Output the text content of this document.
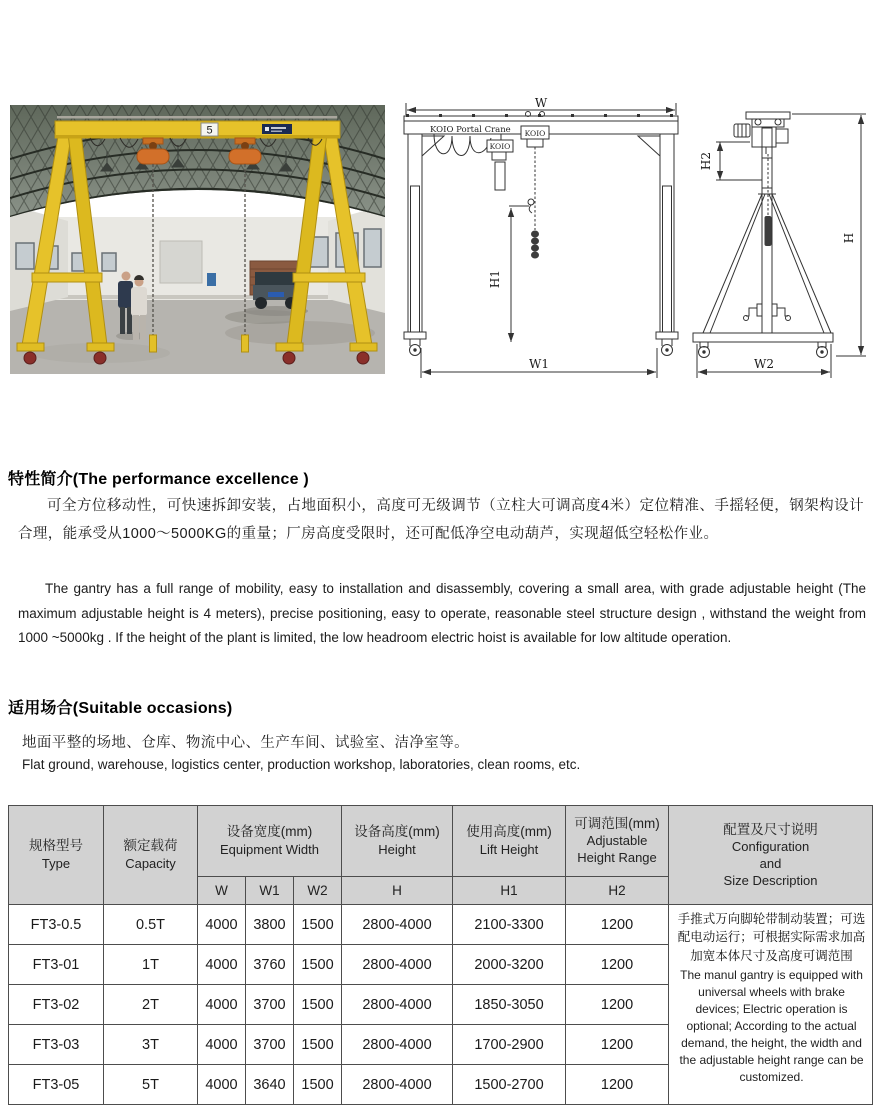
5
W
KOIO Portal Crane KOIO
KOIO
H1
W1
H2
H
W2
特性简介(The performance excellence )

可全方位移动性，可快速拆卸安装，占地面积小，高度可无级调节（立柱大可调高度4米）定位精准、手摇轻便，钢架构设计合理，能承受从1000～5000KG的重量；厂房高度受限时，还可配低净空电动葫芦，实现超低空轻松作业。

The gantry has a full range of mobility, easy to installation and disassembly, covering a small area, with grade adjustable height (The maximum adjustable height is 4 meters), precise positioning, easy to operate, reasonable steel structure design , withstand the weight from 1000 ~5000kg . If the height of the plant is limited, the low headroom electric hoist is available for low altitude operation.

适用场合(Suitable occasions)

地面平整的场地、仓库、物流中心、生产车间、试验室、洁净室等。

Flat ground, warehouse, logistics center, production workshop, laboratories, clean rooms, etc.

规格型号
Type

额定载荷
Capacity

设备宽度(mm)
Equipment Width

设备高度(mm)
Height

使用高度(mm)
Lift Height

可调范围(mm)
Adjustable
Height Range

配置及尺寸说明
Configuration
and
Size Description

		W	W1	W2	H	H1	H2	
FT3-0.5	0.5T	4000	3800	1500	2800-4000	2100-3300	1200	手推式万向脚轮带制动装置；可选配电动运行；可根据实际需求加高加宽本体尺寸及高度可调范围

The manul gantry is equipped with universal wheels with brake devices; Electric operation is optional; According to the actual demand, the height, the width and the adjustable height range can be customized.

FT3-01	1T	4000	3760	1500	2800-4000	2000-3200	1200	
FT3-02	2T	4000	3700	1500	2800-4000	1850-3050	1200	
FT3-03	3T	4000	3700	1500	2800-4000	1700-2900	1200	
FT3-05	5T	4000	3640	1500	2800-4000	1500-2700	1200	
